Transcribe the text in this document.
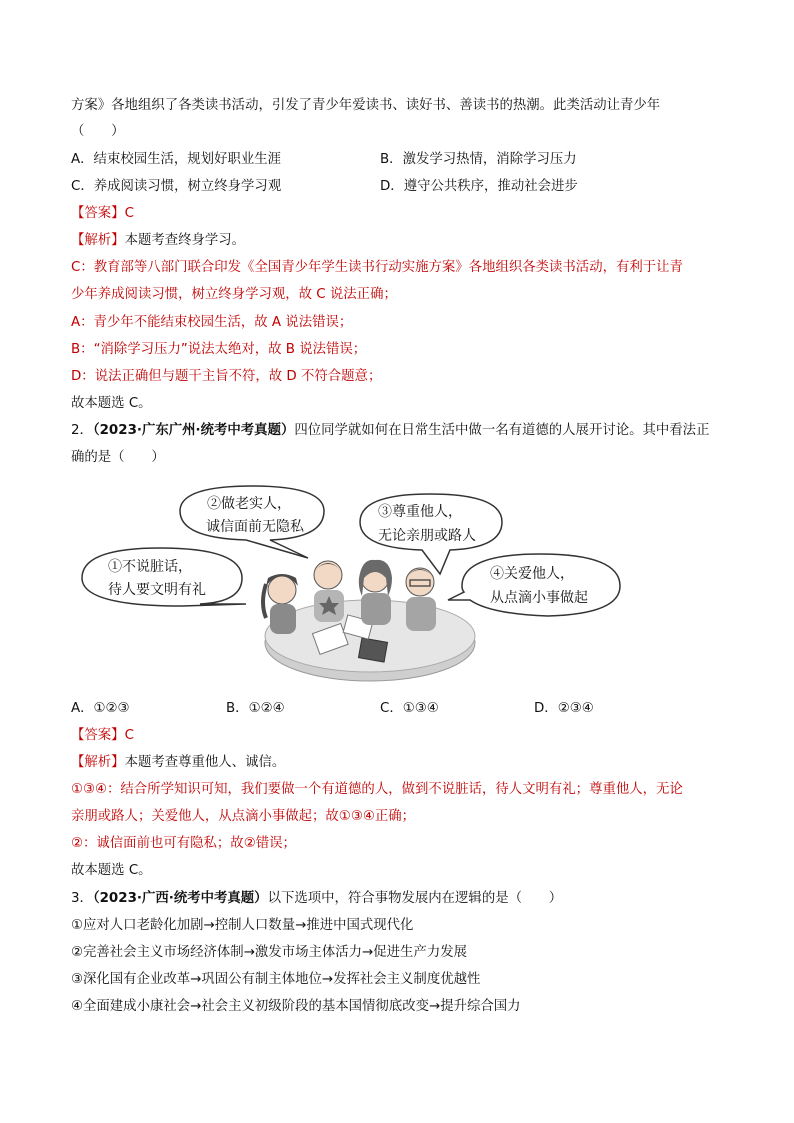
方案》各地组织了各类读书活动，引发了青少年爱读书、读好书、善读书的热潮。此类活动让青少年
（　　）
A．结束校园生活，规划好职业生涯	B．激发学习热情，消除学习压力
C．养成阅读习惯，树立终身学习观	D．遵守公共秩序，推动社会进步
【答案】C
【解析】本题考查终身学习。
C：教育部等八部门联合印发《全国青少年学生读书行动实施方案》各地组织各类读书活动，有利于让青
少年养成阅读习惯，树立终身学习观，故 C 说法正确；
A：青少年不能结束校园生活，故 A 说法错误；
B：“消除学习压力”说法太绝对，故 B 说法错误；
D：说法正确但与题干主旨不符，故 D 不符合题意；
故本题选 C。
2．（2023·广东广州·统考中考真题）四位同学就如何在日常生活中做一名有道德的人展开讨论。其中看法正
确的是（　　）
②做老实人，
诚信面前无隐私
③尊重他人，
无论亲朋或路人
①不说脏话，
待人要文明有礼
④关爱他人，
从点滴小事做起
A．①②③	B．①②④	C．①③④	D．②③④
【答案】C
【解析】本题考查尊重他人、诚信。
①③④：结合所学知识可知，我们要做一个有道德的人，做到不说脏话，待人文明有礼；尊重他人，无论
亲朋或路人；关爱他人，从点滴小事做起；故①③④正确；
②：诚信面前也可有隐私；故②错误；
故本题选 C。
3．（2023·广西·统考中考真题）以下选项中，符合事物发展内在逻辑的是（　　）
①应对人口老龄化加剧→控制人口数量→推进中国式现代化
②完善社会主义市场经济体制→激发市场主体活力→促进生产力发展
③深化国有企业改革→巩固公有制主体地位→发挥社会主义制度优越性
④全面建成小康社会→社会主义初级阶段的基本国情彻底改变→提升综合国力
